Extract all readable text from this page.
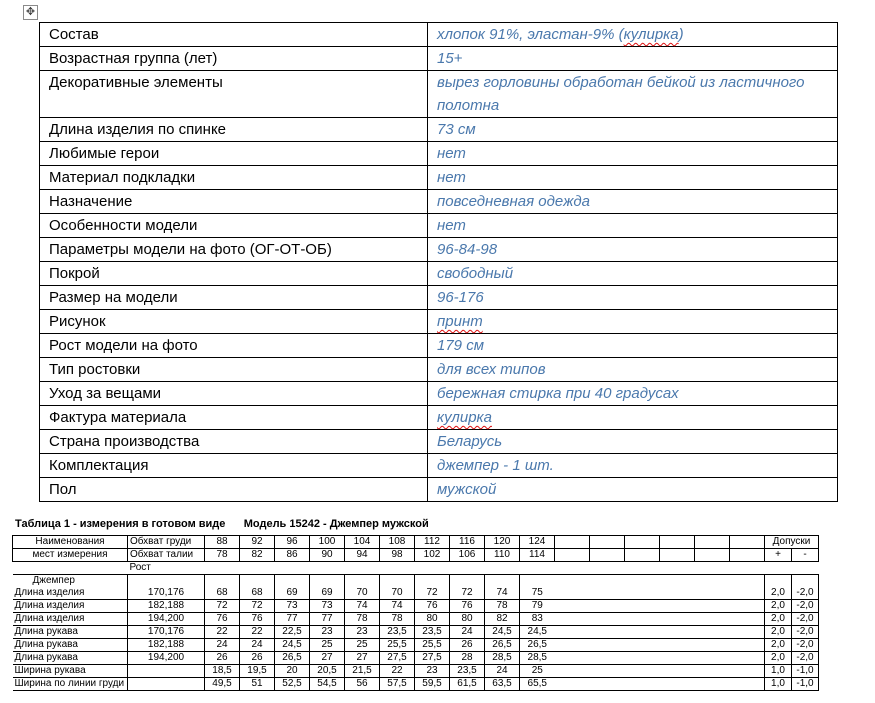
✥
Состав	хлопок 91%, эластан-9% (кулирка)
Возрастная группа (лет)	15+
Декоративные элементы	вырез горловины обработан бейкой из ластичного полотна
Длина изделия по спинке	73 см
Любимые герои	нет
Материал подкладки	нет
Назначение	повседневная одежда
Особенности модели	нет
Параметры модели на фото (ОГ-ОТ-ОБ)	96-84-98
Покрой	свободный
Размер на модели	96-176
Рисунок	принт
Рост модели на фото	179 см
Тип ростовки	для всех типов
Уход за вещами	бережная стирка при 40 градусах
Фактура материала	кулирка
Страна производства	Беларусь
Комплектация	джемпер - 1 шт.
Пол	мужской
Таблица 1 - измерения в готовом виде      Модель 15242 - Джемпер мужской
Наименования	Обхват груди	88	92	96	100	104	108	112	116	120	124							Допуски	
мест измерения	Обхват талии	78	82	86	90	94	98	102	106	110	114							+	-
	Рост																		
Джемпер																			
Длина изделия	170,176	68	68	69	69	70	70	72	72	74	75							2,0	-2,0
Длина изделия	182,188	72	72	73	73	74	74	76	76	78	79							2,0	-2,0
Длина изделия	194,200	76	76	77	77	78	78	80	80	82	83							2,0	-2,0
Длина рукава	170,176	22	22	22,5	23	23	23,5	23,5	24	24,5	24,5							2,0	-2,0
Длина рукава	182,188	24	24	24,5	25	25	25,5	25,5	26	26,5	26,5							2,0	-2,0
Длина рукава	194,200	26	26	26,5	27	27	27,5	27,5	28	28,5	28,5							2,0	-2,0
Ширина рукава		18,5	19,5	20	20,5	21,5	22	23	23,5	24	25							1,0	-1,0
Ширина по линии груди		49,5	51	52,5	54,5	56	57,5	59,5	61,5	63,5	65,5							1,0	-1,0
